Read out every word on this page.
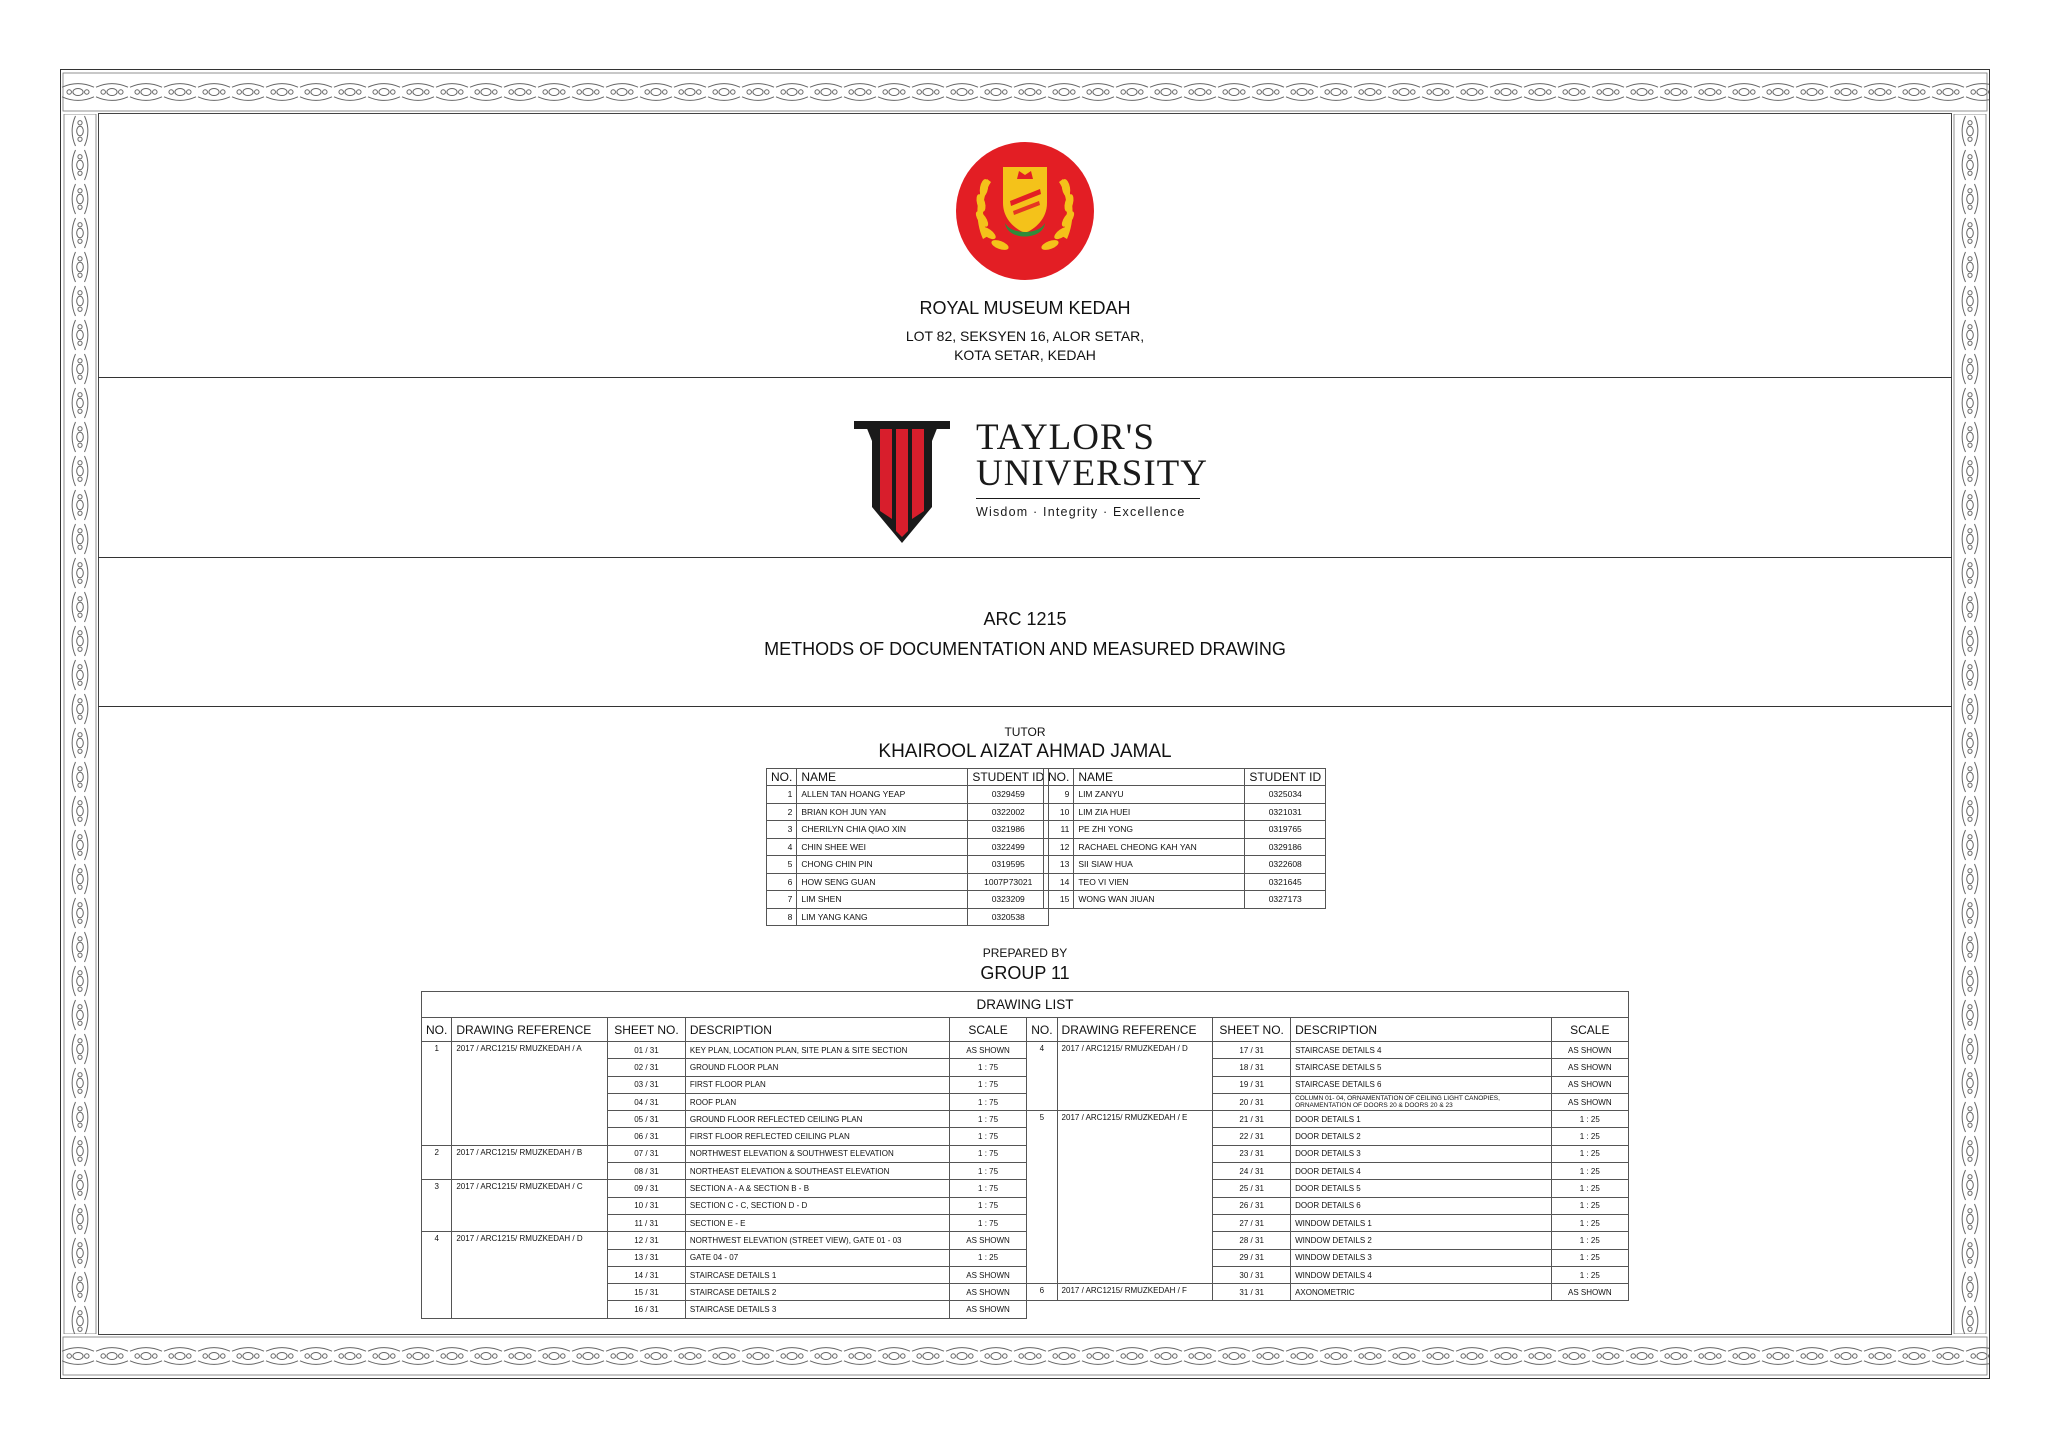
ROYAL MUSEUM KEDAH
LOT 82, SEKSYEN 16, ALOR SETAR,
KOTA SETAR, KEDAH
TAYLOR'S
UNIVERSITY
Wisdom · Integrity · Excellence
ARC 1215
METHODS OF DOCUMENTATION AND MEASURED DRAWING
TUTOR
KHAIROOL AIZAT AHMAD JAMAL
NO.	NAME	STUDENT ID
1	ALLEN TAN HOANG YEAP	0329459
2	BRIAN KOH JUN YAN	0322002
3	CHERILYN CHIA QIAO XIN	0321986
4	CHIN SHEE WEI	0322499
5	CHONG CHIN PIN	0319595
6	HOW SENG GUAN	1007P73021
7	LIM SHEN	0323209
8	LIM YANG KANG	0320538
NO.	NAME	STUDENT ID
9	LIM ZANYU	0325034
10	LIM ZIA HUEI	0321031
11	PE ZHI YONG	0319765
12	RACHAEL CHEONG KAH YAN	0329186
13	SII SIAW HUA	0322608
14	TEO VI VIEN	0321645
15	WONG WAN JIUAN	0327173
PREPARED BY
GROUP 11
DRAWING LIST									
NO.	DRAWING REFERENCE	SHEET NO.	DESCRIPTION	SCALE	NO.	DRAWING REFERENCE	SHEET NO.	DESCRIPTION	SCALE
1	2017 / ARC1215/ RMUZKEDAH / A	01 / 31	KEY PLAN, LOCATION PLAN, SITE PLAN & SITE SECTION	AS SHOWN	4	2017 / ARC1215/ RMUZKEDAH / D	17 / 31	STAIRCASE DETAILS 4	AS SHOWN
		02 / 31	GROUND FLOOR PLAN	1 : 75			18 / 31	STAIRCASE DETAILS 5	AS SHOWN
		03 / 31	FIRST FLOOR PLAN	1 : 75			19 / 31	STAIRCASE DETAILS 6	AS SHOWN
		04 / 31	ROOF PLAN	1 : 75			20 / 31	COLUMN 01- 04, ORNAMENTATION OF CEILING LIGHT CANOPIES, ORNAMENTATION OF DOORS 20 & DOORS 20 & 23	AS SHOWN
		05 / 31	GROUND FLOOR REFLECTED CEILING PLAN	1 : 75	5	2017 / ARC1215/ RMUZKEDAH / E	21 / 31	DOOR DETAILS 1	1 : 25
		06 / 31	FIRST FLOOR REFLECTED CEILING PLAN	1 : 75			22 / 31	DOOR DETAILS 2	1 : 25
2	2017 / ARC1215/ RMUZKEDAH / B	07 / 31	NORTHWEST ELEVATION & SOUTHWEST ELEVATION	1 : 75			23 / 31	DOOR DETAILS 3	1 : 25
		08 / 31	NORTHEAST ELEVATION & SOUTHEAST ELEVATION	1 : 75			24 / 31	DOOR DETAILS 4	1 : 25
3	2017 / ARC1215/ RMUZKEDAH / C	09 / 31	SECTION A - A & SECTION B - B	1 : 75			25 / 31	DOOR DETAILS 5	1 : 25
		10 / 31	SECTION C - C, SECTION D - D	1 : 75			26 / 31	DOOR DETAILS 6	1 : 25
		11 / 31	SECTION E - E	1 : 75			27 / 31	WINDOW DETAILS 1	1 : 25
4	2017 / ARC1215/ RMUZKEDAH / D	12 / 31	NORTHWEST ELEVATION (STREET VIEW), GATE 01 - 03	AS SHOWN			28 / 31	WINDOW DETAILS 2	1 : 25
		13 / 31	GATE 04 - 07	1 : 25			29 / 31	WINDOW DETAILS 3	1 : 25
		14 / 31	STAIRCASE DETAILS 1	AS SHOWN			30 / 31	WINDOW DETAILS 4	1 : 25
		15 / 31	STAIRCASE DETAILS 2	AS SHOWN	6	2017 / ARC1215/ RMUZKEDAH / F	31 / 31	AXONOMETRIC	AS SHOWN
		16 / 31	STAIRCASE DETAILS 3	AS SHOWN					
